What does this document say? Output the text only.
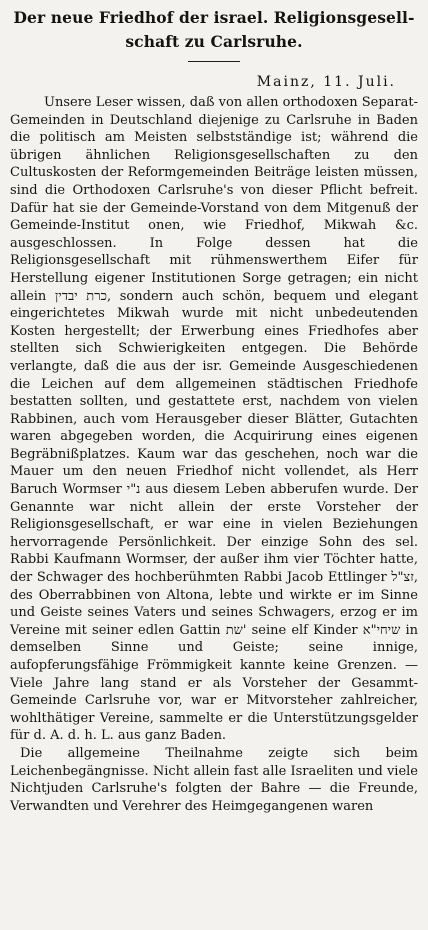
Der neue Friedhof der israel. Religionsgesell-
schaft zu Carlsruhe.
Mainz, 11. Juli.

Unsere Leser wissen, daß von allen orthodoxen Separat-Gemeinden in Deutschland diejenige zu Carlsruhe in Baden die politisch am Meisten selbstständige ist; während die übrigen ähnlichen Religionsgesellschaften zu den Cultuskosten der Reformgemeinden Beiträge leisten müssen, sind die Orthodoxen Carlsruhe's von dieser Pflicht befreit. Dafür hat sie der Gemeinde-Vorstand von dem Mitgenuß der Gemeinde-Institut onen, wie Friedhof, Mikwah &c. ausgeschlossen. In Folge dessen hat die Religionsgesellschaft mit rühmenswerthem Eifer für Herstellung eigener Institutionen Sorge getragen; ein nicht allein כרת יבדין, sondern auch schön, bequem und elegant eingerichtetes Mikwah wurde mit nicht unbedeutenden Kosten hergestellt; der Erwerbung eines Friedhofes aber stellten sich Schwierigkeiten entgegen. Die Behörde verlangte, daß die aus der isr. Gemeinde Ausgeschiedenen die Leichen auf dem allgemeinen städtischen Friedhofe bestatten sollten, und gestattete erst, nachdem von vielen Rabbinen, auch vom Herausgeber dieser Blätter, Gutachten waren abgegeben worden, die Acquirirung eines eigenen Begräbnißplatzes. Kaum war das geschehen, noch war die Mauer um den neuen Friedhof nicht vollendet, als Herr Baruch Wormser נ"י aus diesem Leben abberufen wurde. Der Genannte war nicht allein der erste Vorsteher der Religionsgesellschaft, er war eine in vielen Beziehungen hervorragende Persönlichkeit. Der einzige Sohn des sel. Rabbi Kaufmann Wormser, der außer ihm vier Töchter hatte, der Schwager des hochberühmten Rabbi Jacob Ettlinger זצ"ל, des Oberrabbinen von Altona, lebte und wirkte er im Sinne und Geiste seines Vaters und seines Schwagers, erzog er im Vereine mit seiner edlen Gattin שת' seine elf Kinder שיחי"א in demselben Sinne und Geiste; seine innige, aufopferungsfähige Frömmigkeit kannte keine Grenzen. — Viele Jahre lang stand er als Vorsteher der Gesammt-Gemeinde Carlsruhe vor, war er Mitvorsteher zahlreicher, wohlthätiger Vereine, sammelte er die Unterstützungsgelder für d. A. d. h. L. aus ganz Baden.

Die allgemeine Theilnahme zeigte sich beim Leichenbegängnisse. Nicht allein fast alle Israeliten und viele Nichtjuden Carlsruhe's folgten der Bahre — die Freunde, Verwandten und Verehrer des Heimgegangenen waren
